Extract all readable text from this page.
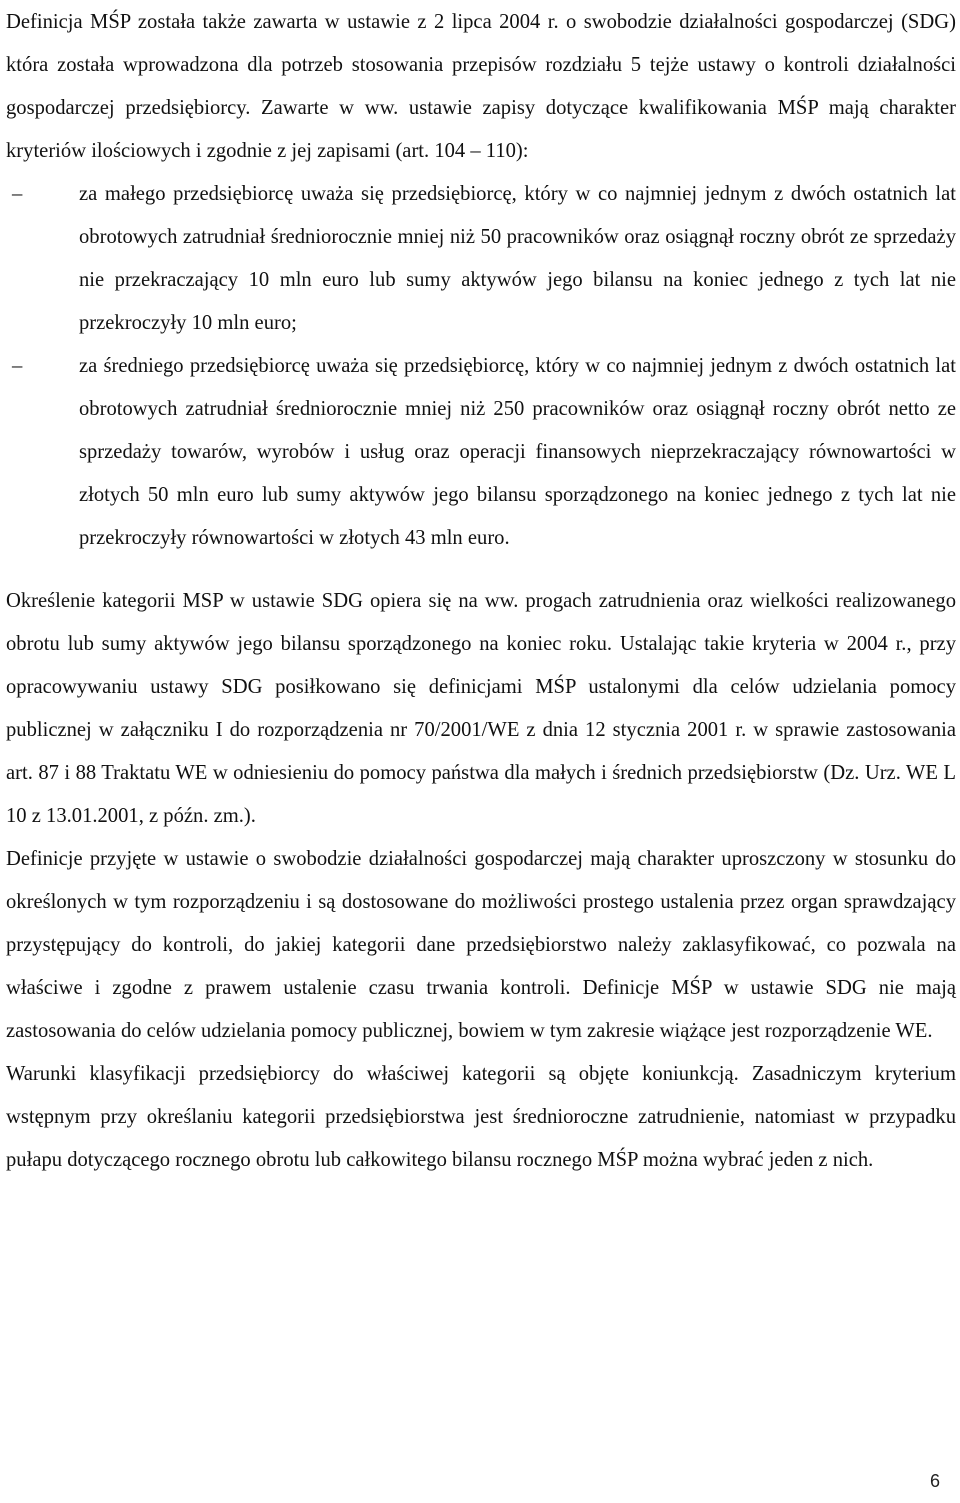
Definicja MŚP została także zawarta w ustawie z 2 lipca 2004 r. o swobodzie działalności gospodarczej (SDG) która została wprowadzona dla potrzeb stosowania przepisów rozdziału 5 tejże ustawy o kontroli działalności gospodarczej przedsiębiorcy. Zawarte w ww. ustawie zapisy dotyczące kwalifikowania MŚP mają charakter kryteriów ilościowych i zgodnie z jej zapisami (art. 104 – 110):

–	za małego przedsiębiorcę uważa się przedsiębiorcę, który w co najmniej jednym z dwóch ostatnich lat obrotowych zatrudniał średniorocznie mniej niż 50 pracowników oraz osiągnął roczny obrót ze sprzedaży nie przekraczający 10 mln euro lub sumy aktywów jego bilansu na koniec jednego z tych lat nie przekroczyły 10 mln euro;
–	za średniego przedsiębiorcę uważa się przedsiębiorcę, który w co najmniej jednym z dwóch ostatnich lat obrotowych zatrudniał średniorocznie mniej niż 250 pracowników oraz osiągnął roczny obrót netto ze sprzedaży towarów, wyrobów i usług oraz operacji finansowych nieprzekraczający równowartości w złotych 50 mln euro lub sumy aktywów jego bilansu sporządzonego na koniec jednego z tych lat nie przekroczyły równowartości w złotych 43 mln euro.

Określenie kategorii MSP w ustawie SDG opiera się na ww. progach zatrudnienia oraz wielkości realizowanego obrotu lub sumy aktywów jego bilansu sporządzonego na koniec roku. Ustalając takie kryteria w 2004 r., przy opracowywaniu ustawy SDG posiłkowano się definicjami MŚP ustalonymi dla celów udzielania pomocy publicznej w załączniku I do rozporządzenia nr 70/2001/WE z dnia 12 stycznia 2001 r. w sprawie zastosowania art. 87 i 88 Traktatu WE w odniesieniu do pomocy państwa dla małych i średnich przedsiębiorstw (Dz. Urz. WE L 10 z 13.01.2001, z późn. zm.).

Definicje przyjęte w ustawie o swobodzie działalności gospodarczej mają charakter uproszczony w stosunku do określonych w tym rozporządzeniu i są dostosowane do możliwości prostego ustalenia przez organ sprawdzający przystępujący do kontroli, do jakiej kategorii dane przedsiębiorstwo należy zaklasyfikować, co pozwala na właściwe i zgodne z prawem ustalenie czasu trwania kontroli. Definicje MŚP w ustawie SDG nie mają zastosowania do celów udzielania pomocy publicznej, bowiem w tym zakresie wiążące jest rozporządzenie WE.

Warunki klasyfikacji przedsiębiorcy do właściwej kategorii są objęte koniunkcją. Zasadniczym kryterium wstępnym przy określaniu kategorii przedsiębiorstwa jest średnioroczne zatrudnienie, natomiast w przypadku pułapu dotyczącego rocznego obrotu lub całkowitego bilansu rocznego MŚP można wybrać jeden z nich.

6
